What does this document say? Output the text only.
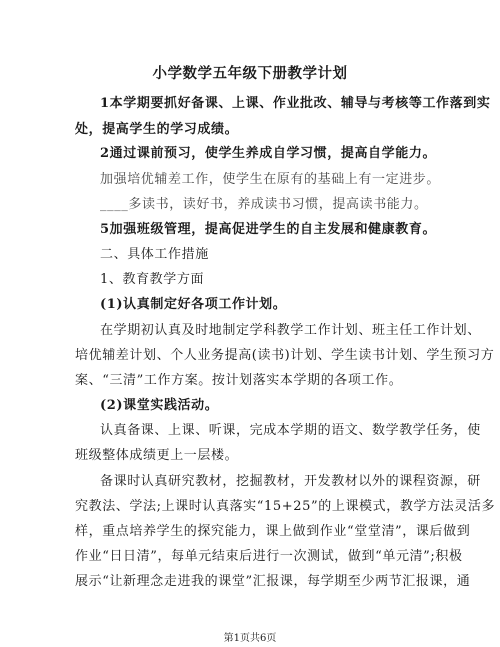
小学数学五年级下册教学计划
1本学期要抓好备课、上课、作业批改、辅导与考核等工作落到实
处，提高学生的学习成绩。
2通过课前预习，使学生养成自学习惯，提高自学能力。
加强培优辅差工作，使学生在原有的基础上有一定进步。
____多读书，读好书，养成读书习惯，提高读书能力。
5加强班级管理，提高促进学生的自主发展和健康教育。
二、具体工作措施
1、教育教学方面
(1)认真制定好各项工作计划。
在学期初认真及时地制定学科教学工作计划、班主任工作计划、
培优辅差计划、个人业务提高(读书)计划、学生读书计划、学生预习方
案、“三清”工作方案。按计划落实本学期的各项工作。
(2)课堂实践活动。
认真备课、上课、听课，完成本学期的语文、数学教学任务，使
班级整体成绩更上一层楼。
备课时认真研究教材，挖掘教材，开发教材以外的课程资源，研
究教法、学法;上课时认真落实“15+25”的上课模式，教学方法灵活多
样，重点培养学生的探究能力，课上做到作业“堂堂清”，课后做到
作业“日日清”，每单元结束后进行一次测试，做到“单元清”;积极
展示“让新理念走进我的课堂”汇报课，每学期至少两节汇报课，通
第1页共6页
